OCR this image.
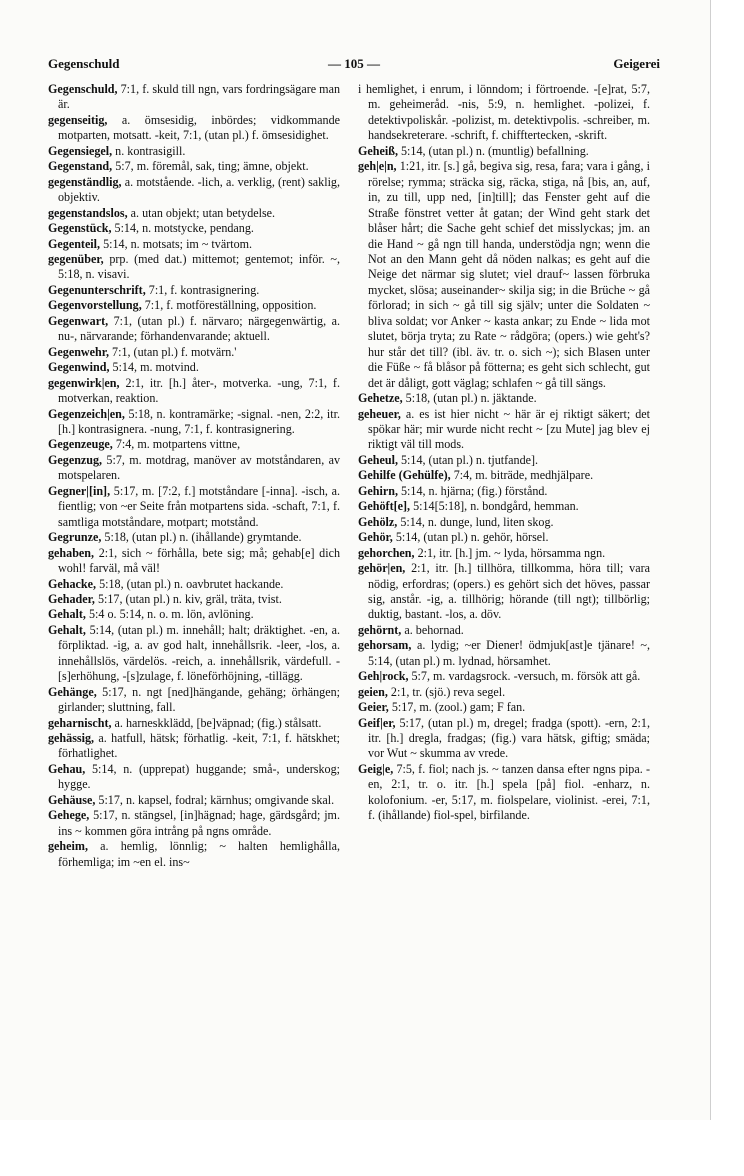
Gegenschuld	— 105 —	Geigerei

Gegenschuld, 7:1, f. skuld till ngn, vars fordringsägare man är.

gegenseitig, a. ömsesidig, inbördes; vidkommande motparten, motsatt. -keit, 7:1, (utan pl.) f. ömsesidighet.

Gegensiegel, n. kontrasigill.

Gegenstand, 5:7, m. föremål, sak, ting; ämne, objekt.

gegenständlig, a. motstående. -lich, a. verklig, (rent) saklig, objektiv.

gegenstandslos, a. utan objekt; utan betydelse.

Gegenstück, 5:14, n. motstycke, pendang.

Gegenteil, 5:14, n. motsats; im ~ tvärtom.

gegenüber, prp. (med dat.) mittemot; gentemot; inför. ~, 5:18, n. visavi.

Gegenunterschrift, 7:1, f. kontrasignering.

Gegenvorstellung, 7:1, f. motföreställning, opposition.

Gegenwart, 7:1, (utan pl.) f. närvaro; närgegenwärtig, a. nu-, närvarande; förhandenvarande; aktuell.

Gegenwehr, 7:1, (utan pl.) f. motvärn.'

Gegenwind, 5:14, m. motvind.

gegenwirk|en, 2:1, itr. [h.] åter-, motverka. -ung, 7:1, f. motverkan, reaktion.

Gegenzeich|en, 5:18, n. kontramärke; -signal. -nen, 2:2, itr. [h.] kontrasignera. -nung, 7:1, f. kontrasignering.

Gegenzeuge, 7:4, m. motpartens vittne,

Gegenzug, 5:7, m. motdrag, manöver av motståndaren, av motspelaren.

Gegner|[in], 5:17, m. [7:2, f.] motståndare [-inna]. -isch, a. fientlig; von ~er Seite från motpartens sida. -schaft, 7:1, f. samtliga motståndare, motpart; motstånd.

Gegrunze, 5:18, (utan pl.) n. (ihållande) grymtande.

gehaben, 2:1, sich ~ förhålla, bete sig; må; gehab[e] dich wohl! farväl, må väl!

Gehacke, 5:18, (utan pl.) n. oavbrutet hackande.

Gehader, 5:17, (utan pl.) n. kiv, gräl, träta, tvist.

Gehalt, 5:4 o. 5:14, n. o. m. lön, avlöning.

Gehalt, 5:14, (utan pl.) m. innehåll; halt; dräktighet. -en, a. förpliktad. -ig, a. av god halt, innehållsrik. -leer, -los, a. innehållslös, värdelös. -reich, a. innehållsrik, värdefull. -[s]erhöhung, -[s]zulage, f. löneförhöjning, -tillägg.

Gehänge, 5:17, n. ngt [ned]hängande, gehäng; örhängen; girlander; sluttning, fall.

geharnischt, a. harneskklädd, [be]väpnad; (fig.) stålsatt.

gehässig, a. hatfull, hätsk; förhatlig. -keit, 7:1, f. hätskhet; förhatlighet.

Gehau, 5:14, n. (upprepat) huggande; små-, underskog; hygge.

Gehäuse, 5:17, n. kapsel, fodral; kärnhus; omgivande skal.

Gehege, 5:17, n. stängsel, [in]hägnad; hage, gärdsgård; jm. ins ~ kommen göra intrång på ngns område.

geheim, a. hemlig, lönnlig; ~ halten hemlighålla, förhemliga; im ~en el. ins~

i hemlighet, i enrum, i lönndom; i förtroende. -[e]rat, 5:7, m. geheimeråd. -nis, 5:9, n. hemlighet. -polizei, f. detektivpoliskår. -polizist, m. detektivpolis. -schreiber, m. handsekreterare. -schrift, f. chifftertecken, -skrift.

Geheiß, 5:14, (utan pl.) n. (muntlig) befallning.

geh|e|n, 1:21, itr. [s.] gå, begiva sig, resa, fara; vara i gång, i rörelse; rymma; sträcka sig, räcka, stiga, nå [bis, an, auf, in, zu till, upp ned, [in]till]; das Fenster geht auf die Straße fönstret vetter åt gatan; der Wind geht stark det blåser hårt; die Sache geht schief det misslyckas; jm. an die Hand ~ gå ngn till handa, understödja ngn; wenn die Not an den Mann geht då nöden nalkas; es geht auf die Neige det närmar sig slutet; viel drauf~ lassen förbruka mycket, slösa; auseinander~ skilja sig; in die Brüche ~ gå förlorad; in sich ~ gå till sig själv; unter die Soldaten ~ bliva soldat; vor Anker ~ kasta ankar; zu Ende ~ lida mot slutet, börja tryta; zu Rate ~ rådgöra; (opers.) wie geht's? hur står det till? (ibl. äv. tr. o. sich ~); sich Blasen unter die Füße ~ få blåsor på fötterna; es geht sich schlecht, gut det är dåligt, gott väglag; schlafen ~ gå till sängs.

Gehetze, 5:18, (utan pl.) n. jäktande.

geheuer, a. es ist hier nicht ~ här är ej riktigt säkert; det spökar här; mir wurde nicht recht ~ [zu Mute] jag blev ej riktigt väl till mods.

Geheul, 5:14, (utan pl.) n. tjutfande].

Gehilfe (Gehülfe), 7:4, m. biträde, medhjälpare.

Gehirn, 5:14, n. hjärna; (fig.) förstånd.

Gehöft[e], 5:14[5:18], n. bondgård, hemman.

Gehölz, 5:14, n. dunge, lund, liten skog.

Gehör, 5:14, (utan pl.) n. gehör, hörsel.

gehorchen, 2:1, itr. [h.] jm. ~ lyda, hörsamma ngn.

gehör|en, 2:1, itr. [h.] tillhöra, tillkomma, höra till; vara nödig, erfordras; (opers.) es gehört sich det höves, passar sig, anstår. -ig, a. tillhörig; hörande (till ngt); tillbörlig; duktig, bastant. -los, a. döv.

gehörnt, a. behornad.

gehorsam, a. lydig; ~er Diener! ödmjuk[ast]e tjänare! ~, 5:14, (utan pl.) m. lydnad, hörsamhet.

Geh|rock, 5:7, m. vardagsrock. -versuch, m. försök att gå.

geien, 2:1, tr. (sjö.) reva segel.

Geier, 5:17, m. (zool.) gam; F fan.

Geif|er, 5:17, (utan pl.) m, dregel; fradga (spott). -ern, 2:1, itr. [h.] dregla, fradgas; (fig.) vara hätsk, giftig; smäda; vor Wut ~ skumma av vrede.

Geig|e, 7:5, f. fiol; nach js. ~ tanzen dansa efter ngns pipa. -en, 2:1, tr. o. itr. [h.] spela [på] fiol. -enharz, n. kolofonium. -er, 5:17, m. fiolspelare, violinist. -erei, 7:1, f. (ihållande) fiol-spel, birfilande.
